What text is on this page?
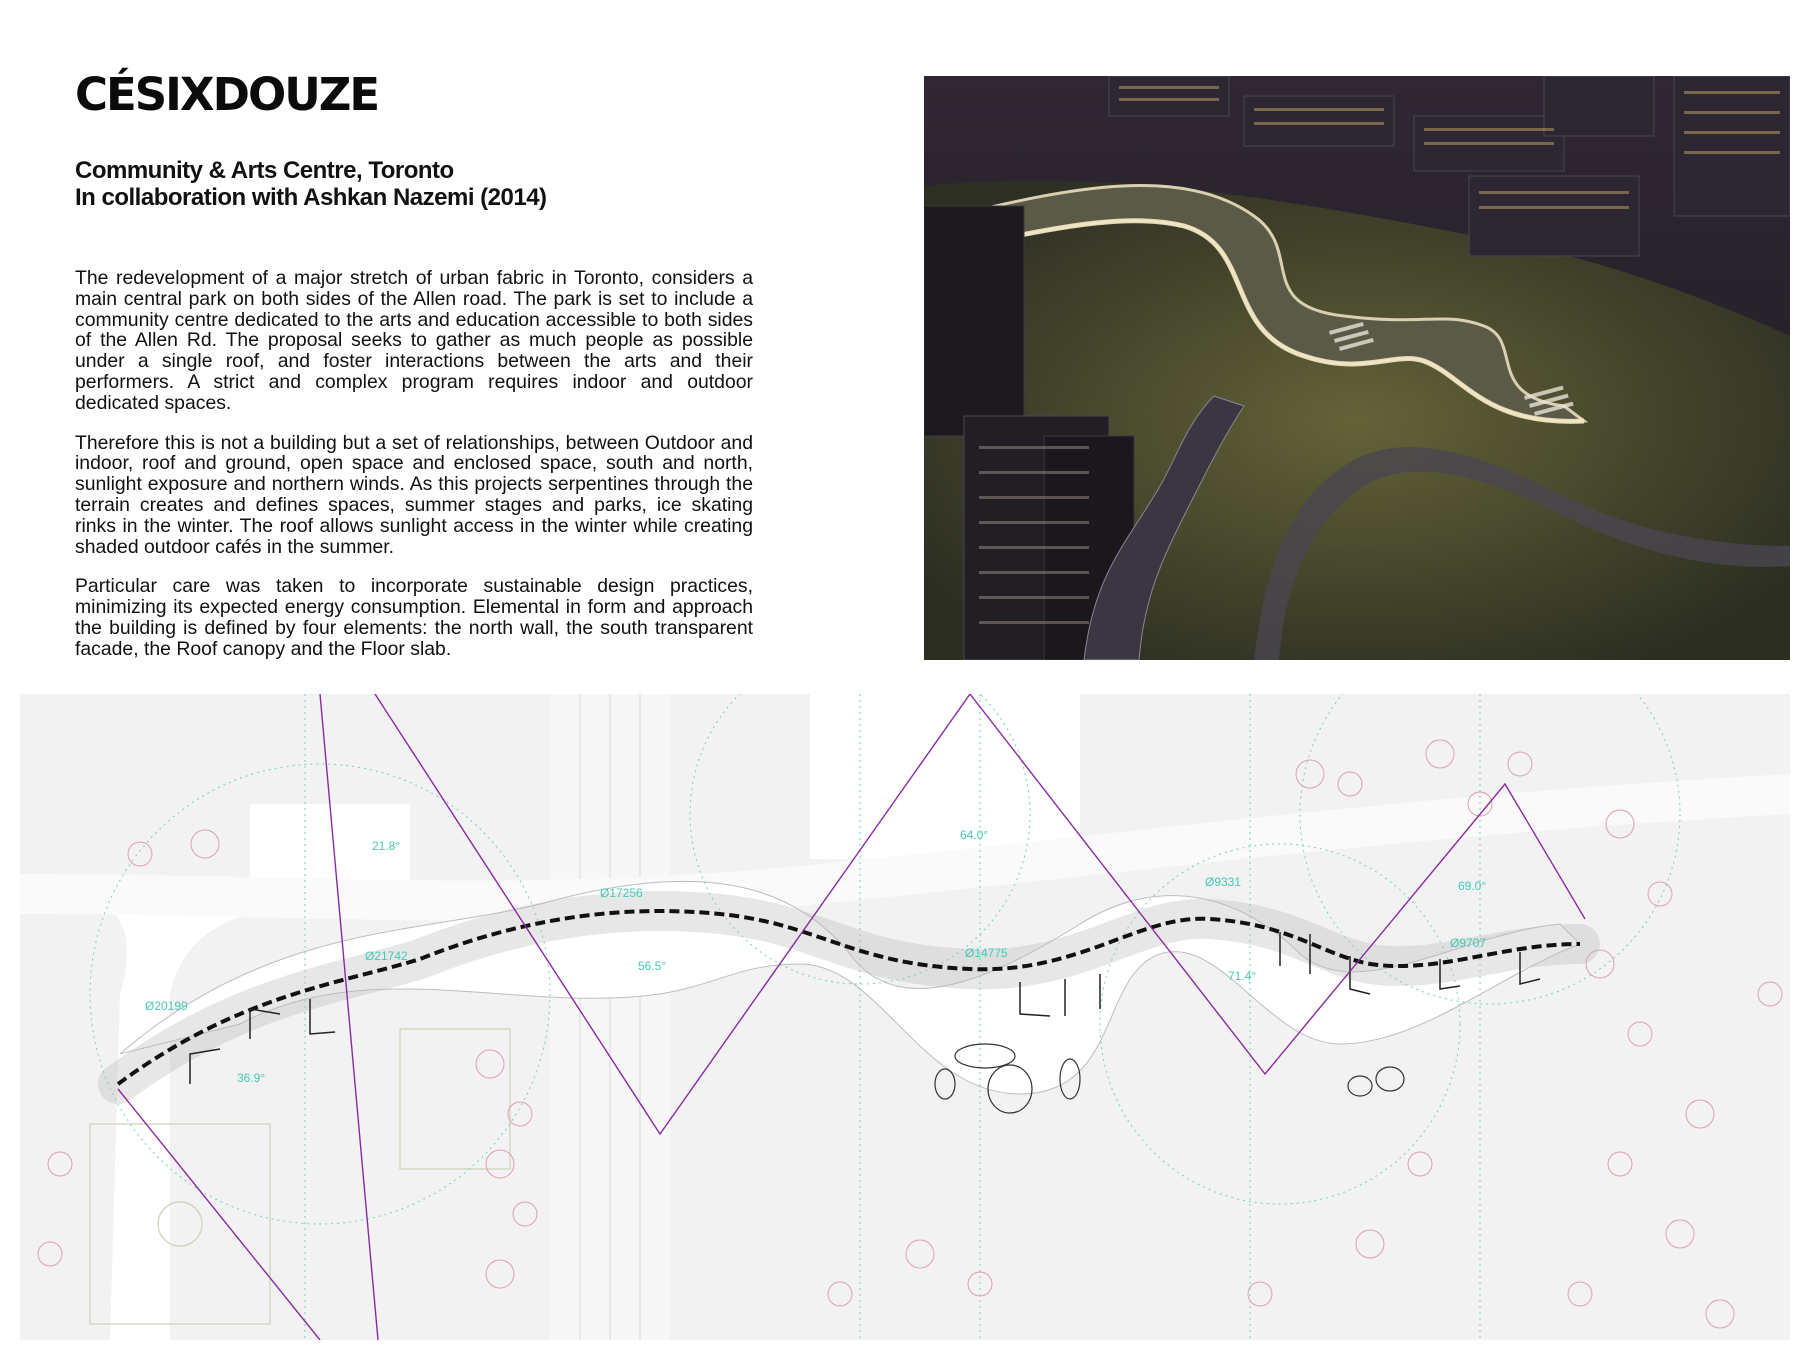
CÉSIXDOUZE
Community & Arts Centre, Toronto
In collaboration with Ashkan Nazemi (2014)

The redevelopment of a major stretch of urban fabric in Toronto, considers a main central park on both sides of the Allen road. The park is set to include a community centre dedicated to the arts and education accessible to both sides of the Allen Rd. The proposal seeks to gather as much people as possible under a single roof, and foster interactions between the arts and their performers. A strict and complex program requires indoor and outdoor dedicated spaces.

Therefore this is not a building but a set of relationships, between Outdoor and indoor, roof and ground, open space and enclosed space, south and north, sunlight exposure and northern winds. As this projects serpentines through the terrain creates and defines spaces, summer stages and parks, ice skating rinks in the winter. The roof allows sunlight access in the winter while creating shaded outdoor cafés in the summer.

Particular care was taken to incorporate sustainable design practices, minimizing its expected energy consumption. Elemental in form and approach the building is defined by four elements: the north wall, the south transparent facade, the Roof canopy and the Floor slab.

21.8°
64.0°
56.5°
71.4°
69.0°
36.9°
Ø17256
Ø21742	Ø14775
Ø9331
Ø9707
Ø20199
